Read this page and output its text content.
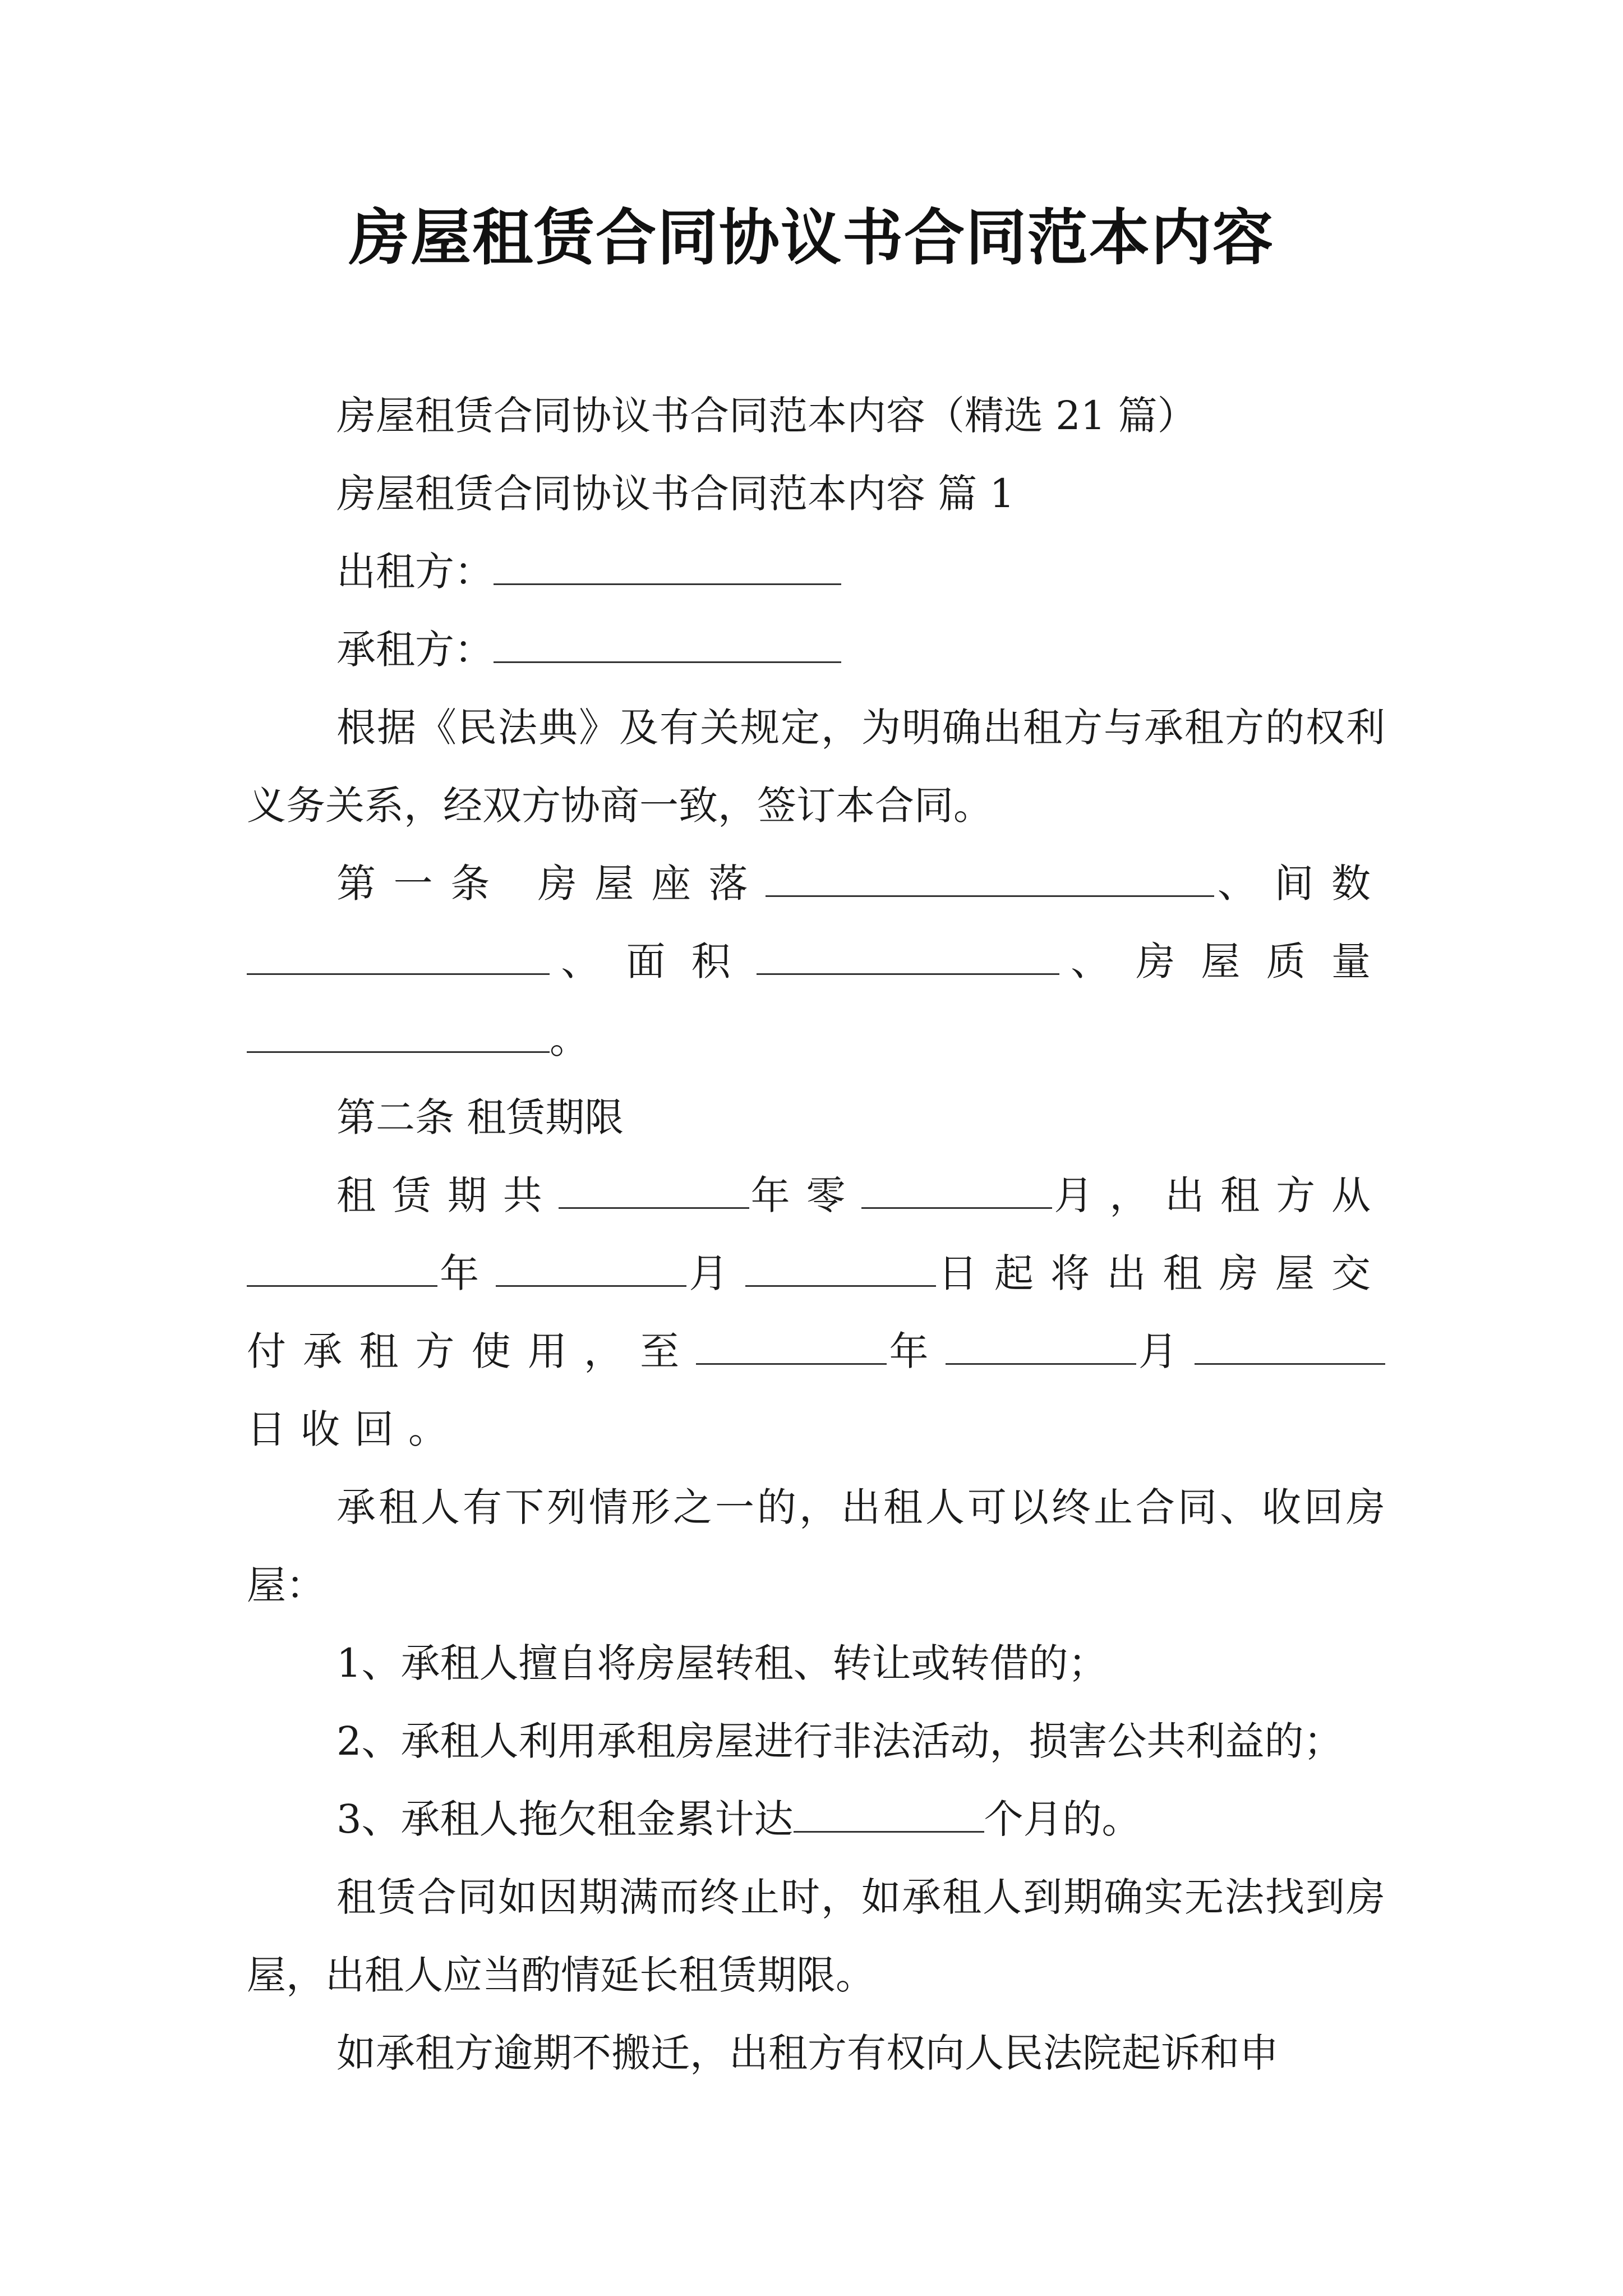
房屋租赁合同协议书合同范本内容

房屋租赁合同协议书合同范本内容（精选 21 篇）

房屋租赁合同协议书合同范本内容 篇 1

出租方：

承租方：

根据《民法典》及有关规定，为明确出租方与承租方的权利义务关系，经双方协商一致，签订本合同。

第一条 房屋座落	、间数、面积	、房屋质量。

第二条 租赁期限

租赁期共	年零	月，出租方从年	月	日起将出租房屋交付承租方使用，至	年	月日收回。

承租人有下列情形之一的，出租人可以终止合同、收回房屋：

1、承租人擅自将房屋转租、转让或转借的；

2、承租人利用承租房屋进行非法活动，损害公共利益的；

3、承租人拖欠租金累计达	个月的。

租赁合同如因期满而终止时，如承租人到期确实无法找到房屋，出租人应当酌情延长租赁期限。

如承租方逾期不搬迁，出租方有权向人民法院起诉和申
